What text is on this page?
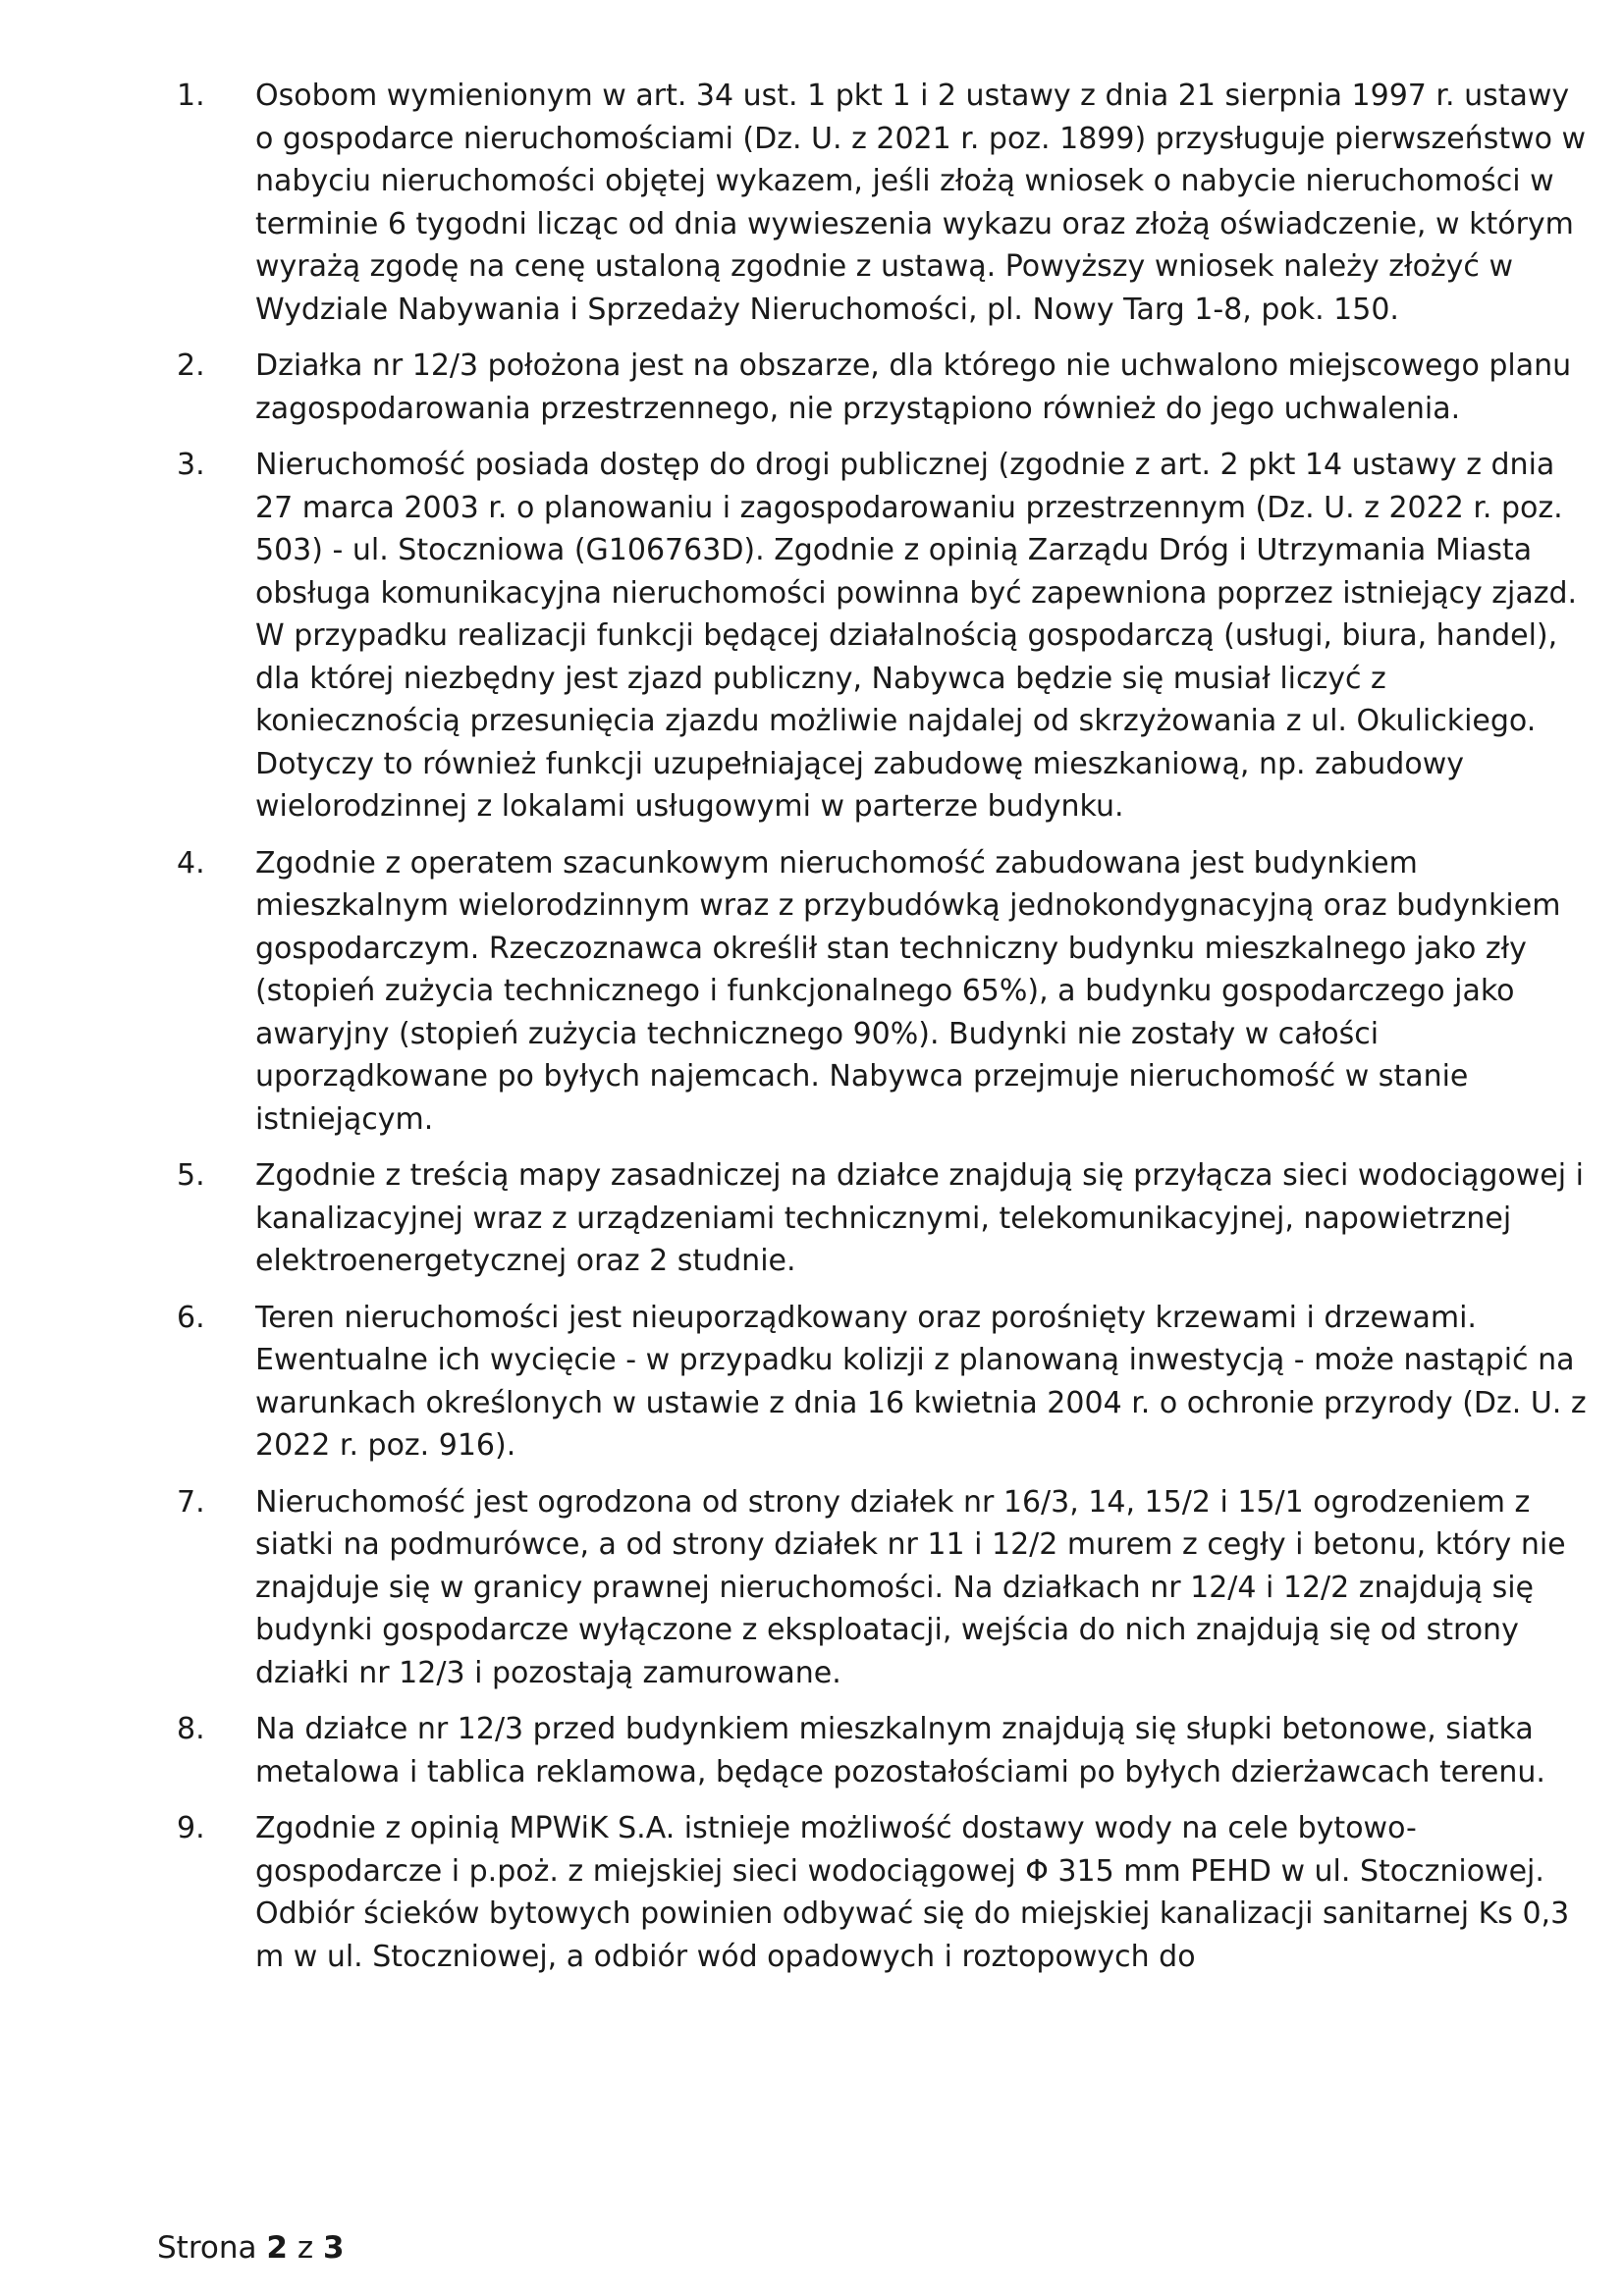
1. Osobom wymienionym w art. 34 ust. 1 pkt 1 i 2 ustawy z dnia 21 sierpnia 1997 r. ustawy o gospodarce nieruchomościami (Dz. U. z 2021 r. poz. 1899) przysługuje pierwszeństwo w nabyciu nieruchomości objętej wykazem, jeśli złożą wniosek o nabycie nieruchomości w terminie 6 tygodni licząc od dnia wywieszenia wykazu oraz złożą oświadczenie, w którym wyrażą zgodę na cenę ustaloną zgodnie z ustawą. Powyższy wniosek należy złożyć w Wydziale Nabywania i Sprzedaży Nieruchomości, pl. Nowy Targ 1-8, pok. 150.
2. Działka nr 12/3 położona jest na obszarze, dla którego nie uchwalono miejscowego planu zagospodarowania przestrzennego, nie przystąpiono również do jego uchwalenia.
3. Nieruchomość posiada dostęp do drogi publicznej (zgodnie z art. 2 pkt 14 ustawy z dnia 27 marca 2003 r. o planowaniu i zagospodarowaniu przestrzennym (Dz. U. z 2022 r. poz. 503) - ul. Stoczniowa (G106763D). Zgodnie z opinią Zarządu Dróg i Utrzymania Miasta obsługa komunikacyjna nieruchomości powinna być zapewniona poprzez istniejący zjazd. W przypadku realizacji funkcji będącej działalnością gospodarczą (usługi, biura, handel), dla której niezbędny jest zjazd publiczny, Nabywca będzie się musiał liczyć z koniecznością przesunięcia zjazdu możliwie najdalej od skrzyżowania z ul. Okulickiego. Dotyczy to również funkcji uzupełniającej zabudowę mieszkaniową, np. zabudowy wielorodzinnej z lokalami usługowymi w parterze budynku.
4. Zgodnie z operatem szacunkowym nieruchomość zabudowana jest budynkiem mieszkalnym wielorodzinnym wraz z przybudówką jednokondygnacyjną oraz budynkiem gospodarczym. Rzeczoznawca określił stan techniczny budynku mieszkalnego jako zły (stopień zużycia technicznego i funkcjonalnego 65%), a budynku gospodarczego jako awaryjny (stopień zużycia technicznego 90%). Budynki nie zostały w całości uporządkowane po byłych najemcach. Nabywca przejmuje nieruchomość w stanie istniejącym.
5. Zgodnie z treścią mapy zasadniczej na działce znajdują się przyłącza sieci wodociągowej i kanalizacyjnej wraz z urządzeniami technicznymi, telekomunikacyjnej, napowietrznej elektroenergetycznej oraz 2 studnie.
6. Teren nieruchomości jest nieuporządkowany oraz porośnięty krzewami i drzewami. Ewentualne ich wycięcie - w przypadku kolizji z planowaną inwestycją - może nastąpić na warunkach określonych w ustawie z dnia 16 kwietnia 2004 r. o ochronie przyrody (Dz. U. z 2022 r. poz. 916).
7. Nieruchomość jest ogrodzona od strony działek nr 16/3, 14, 15/2 i 15/1 ogrodzeniem z siatki na podmurówce, a od strony działek nr 11 i 12/2 murem z cegły i betonu, który nie znajduje się w granicy prawnej nieruchomości. Na działkach nr 12/4 i 12/2 znajdują się budynki gospodarcze wyłączone z eksploatacji, wejścia do nich znajdują się od strony działki nr 12/3 i pozostają zamurowane.
8. Na działce nr 12/3 przed budynkiem mieszkalnym znajdują się słupki betonowe, siatka metalowa i tablica reklamowa, będące pozostałościami po byłych dzierżawcach terenu.
9. Zgodnie z opinią MPWiK S.A. istnieje możliwość dostawy wody na cele bytowo-gospodarcze i p.poż. z miejskiej sieci wodociągowej Φ 315 mm PEHD w ul. Stoczniowej. Odbiór ścieków bytowych powinien odbywać się do miejskiej kanalizacji sanitarnej Ks 0,3 m w ul. Stoczniowej, a odbiór wód opadowych i roztopowych do
Strona 2 z 3
